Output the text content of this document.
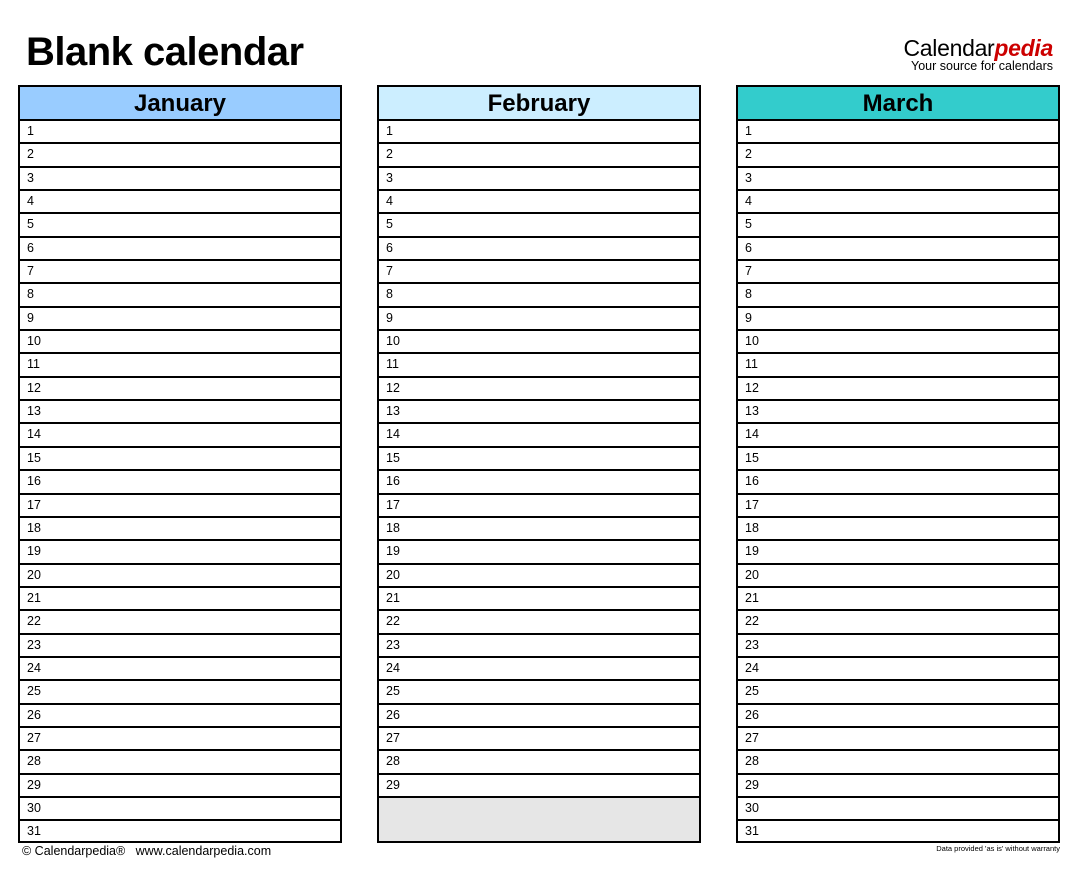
Blank calendar	Calendarpedia
Your source for calendars
January
1
2
3
4
5
6
7
8
9
10
11
12
13
14
15
16
17
18
19
20
21
22
23
24
25
26
27
28
29
30
31
February
1
2
3
4
5
6
7
8
9
10
11
12
13
14
15
16
17
18
19
20
21
22
23
24
25
26
27
28
29
March
1
2
3
4
5
6
7
8
9
10
11
12
13
14
15
16
17
18
19
20
21
22
23
24
25
26
27
28
29
30
31
© Calendarpedia®   www.calendarpedia.com	Data provided 'as is' without warranty
